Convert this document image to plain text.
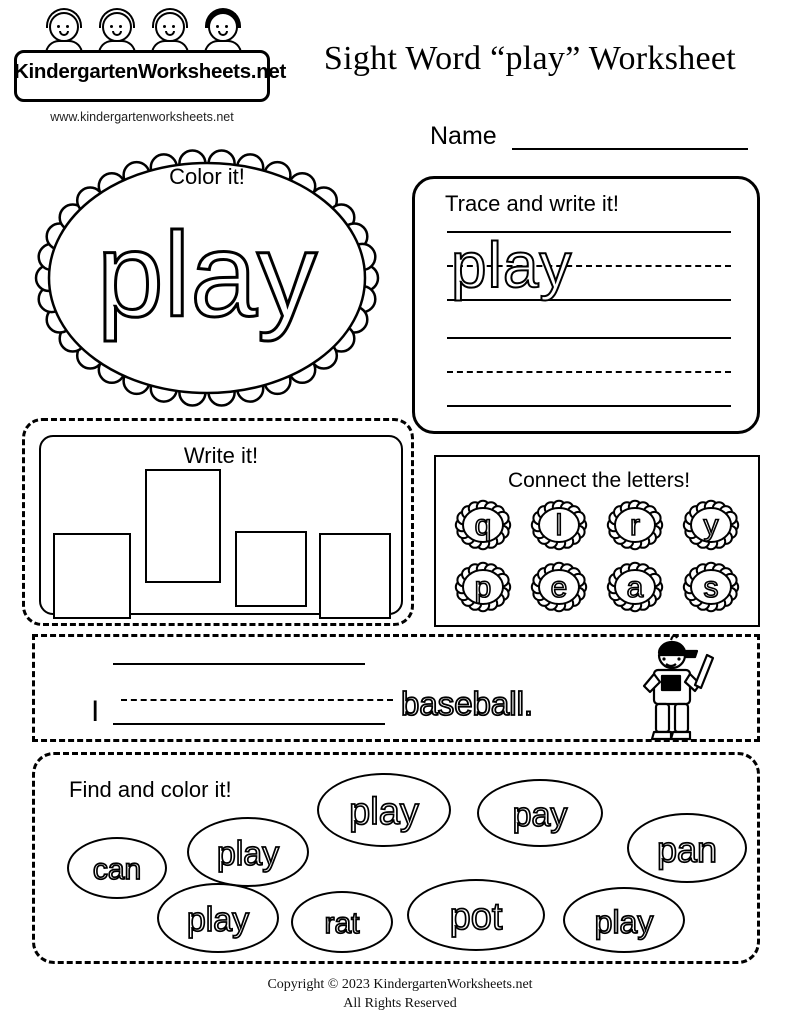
KindergartenWorksheets.net
www.kindergartenworksheets.net
Sight Word “play” Worksheet
Name
Color it!
play
Trace and write it!
play
Write it!
Connect the letters!
q	l	r	y
p	e	a	s
I	baseball.
Find and color it!
can	play
play	pay
pan
play	rat	pot	play
Copyright © 2023 KindergartenWorksheets.net
All Rights Reserved
